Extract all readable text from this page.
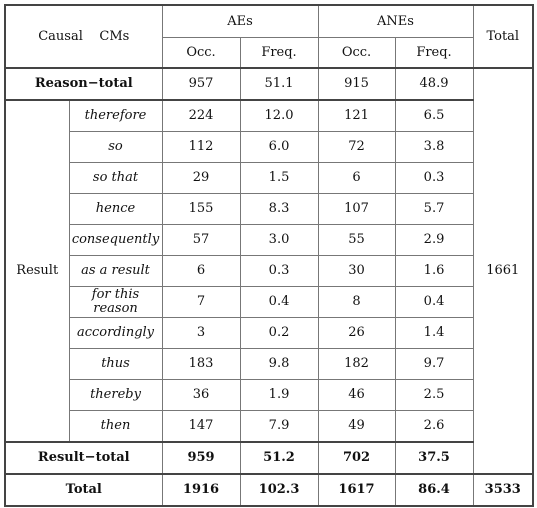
Causal    CMs		AEs		ANEs		Total
		Occ.	Freq.	Occ.	Freq.	
Reason−total		957	51.1	915	48.9	1661
Result	therefore	224	12.0	121	6.5	
	so	112	6.0	72	3.8	
	so that	29	1.5	6	0.3	
	hence	155	8.3	107	5.7	
	consequently	57	3.0	55	2.9	
	as a result	6	0.3	30	1.6	
	for this reason	7	0.4	8	0.4	
	accordingly	3	0.2	26	1.4	
	thus	183	9.8	182	9.7	
	thereby	36	1.9	46	2.5	
	then	147	7.9	49	2.6	
Result−total		959	51.2	702	37.5	
Total		1916	102.3	1617	86.4	3533
